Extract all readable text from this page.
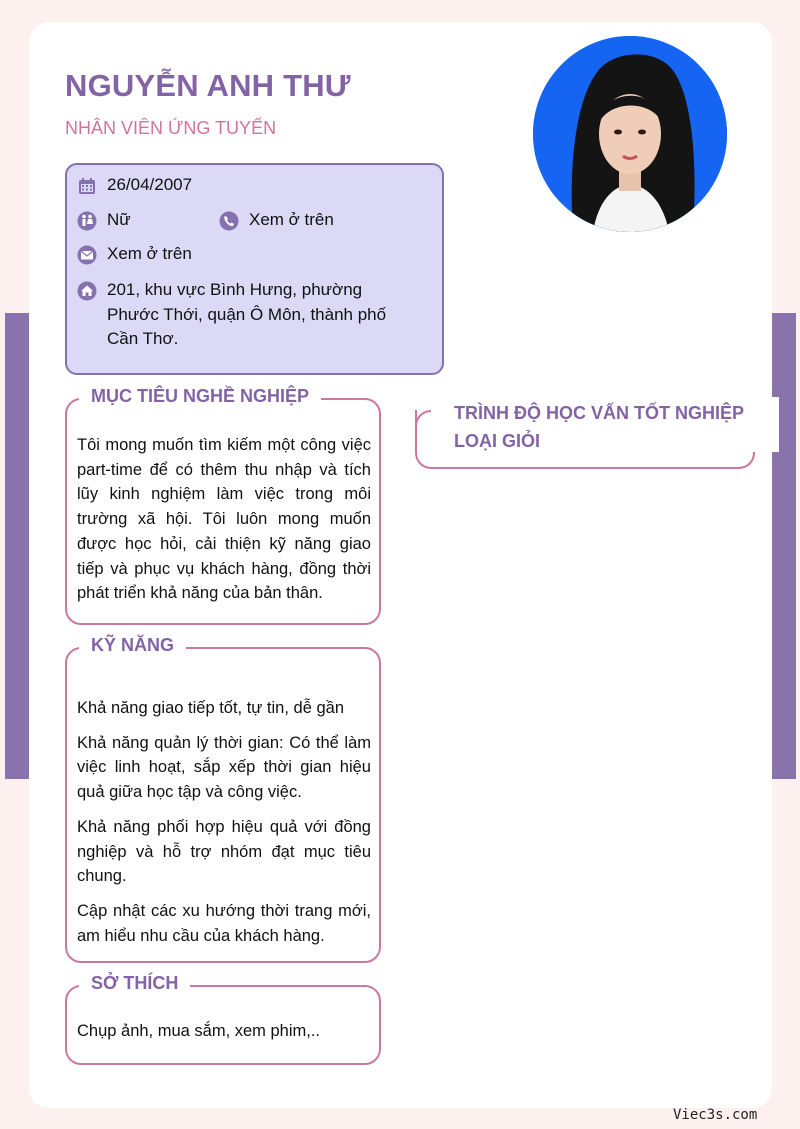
NGUYỄN ANH THƯ
NHÂN VIÊN ỨNG TUYỂN
26/04/2007
Nữ	Xem ở trên
Xem ở trên
201, khu vực Bình Hưng, phường Phước Thới, quận Ô Môn, thành phố Cần Thơ.
MỤC TIÊU NGHỀ NGHIỆP
Tôi mong muốn tìm kiếm một công việc part-time để có thêm thu nhập và tích lũy kinh nghiệm làm việc trong môi trường xã hội. Tôi luôn mong muốn được học hỏi, cải thiện kỹ năng giao tiếp và phục vụ khách hàng, đồng thời phát triển khả năng của bản thân.
KỸ NĂNG
Khả năng giao tiếp tốt, tự tin, dễ gần
Khả năng quản lý thời gian: Có thể làm việc linh hoạt, sắp xếp thời gian hiệu quả giữa học tập và công việc.
Khả năng phối hợp hiệu quả với đồng nghiệp và hỗ trợ nhóm đạt mục tiêu chung.
Cập nhật các xu hướng thời trang mới, am hiểu nhu cầu của khách hàng.
SỞ THÍCH
Chụp ảnh, mua sắm, xem phim,..
TRÌNH ĐỘ HỌC VẤN TỐT NGHIỆP LOẠI GIỎI
Viec3s.com
